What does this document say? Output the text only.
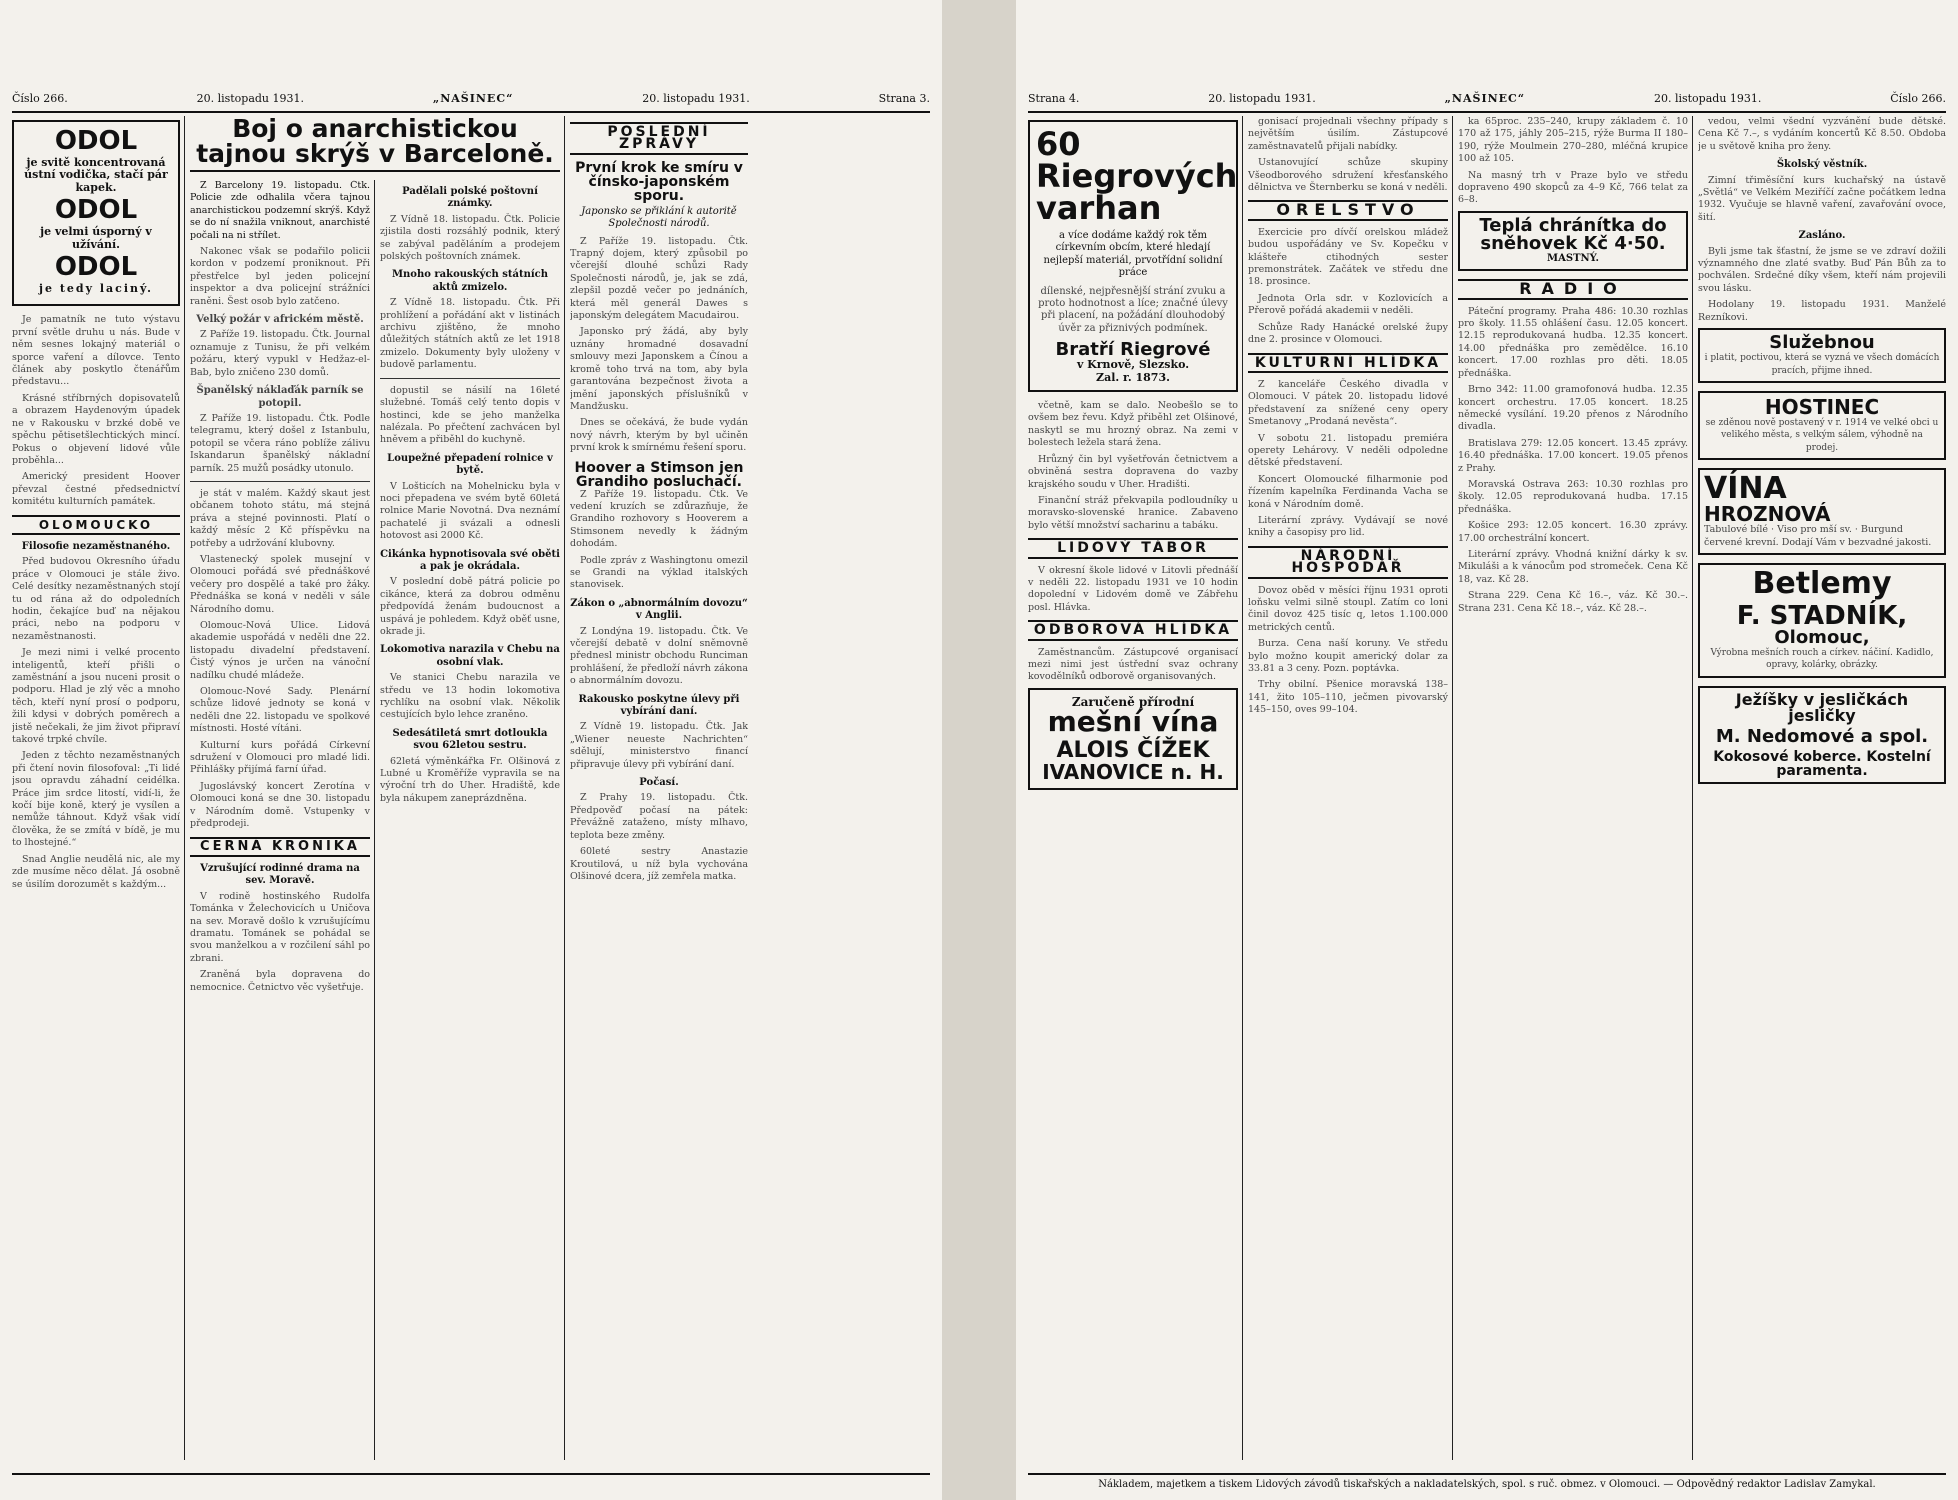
Číslo 266.	20. listopadu 1931.	„NAŠINEC“	20. listopadu 1931.	Strana 3.
ODOL
je svitě koncentrovaná ústní vodička, stačí pár kapek.
ODOL
je velmi úsporný v užívání.
ODOL
je tedy laciný.

Je pamatník ne tuto výstavu první světle druhu u nás. Bude v něm sesnes lokajný materiál o sporce vaření a dílovce. Tento článek aby poskytlo čtenářům představu...

Krásné stříbrných dopisovatelů a obrazem Haydenovým úpadek ne v Rakousku v brzké době ve spěchu pětisetšlechtických mincí. Pokus o objevení lidové vůle proběhla...

Americký president Hoover převzal čestné předsednictví komitétu kulturních památek.

OLOMOUCKO
Filosofie nezaměstnaného.

Před budovou Okresního úřadu práce v Olomouci je stále živo. Celé desítky nezaměstnaných stojí tu od rána až do odpoledních hodin, čekajíce buď na nějakou práci, nebo na podporu v nezaměstnanosti.

Je mezi nimi i velké procento inteligentů, kteří přišli o zaměstnání a jsou nuceni prosit o podporu. Hlad je zlý věc a mnoho těch, kteří nyní prosí o podporu, žili kdysi v dobrých poměrech a jistě nečekali, že jim život připraví takové trpké chvíle.

Jeden z těchto nezaměstnaných při čtení novin filosofoval: „Ti lidé jsou opravdu záhadní ceidélka. Práce jim srdce litostí, vidí-li, že kočí bije koně, který je vysílen a nemůže táhnout. Když však vidí člověka, že se zmítá v bídě, je mu to lhostejné.“

Snad Anglie neudělá nic, ale my zde musíme něco dělat. Já osobně se úsilím dorozumět s každým...

Boj o anarchistickou tajnou skrýš v Barceloně.

Z Barcelony 19. listopadu. Čtk. Policie zde odhalila včera tajnou anarchistickou podzemní skrýš. Když se do ní snažila vniknout, anarchisté počali na ni střílet.

Nakonec však se podařilo policii kordon v podzemí proniknout. Při přestřelce byl jeden policejní inspektor a dva policejní strážníci raněni. Šest osob bylo zatčeno.

Velký požár v africkém městě.

Z Paříže 19. listopadu. Čtk. Journal oznamuje z Tunisu, že při velkém požáru, který vypukl v Hedžaz-el-Bab, bylo zničeno 230 domů.

Španělský náklaďák parník se potopil.

Z Paříže 19. listopadu. Čtk. Podle telegramu, který došel z Istanbulu, potopil se včera ráno poblíže zálivu Iskandarun španělský nákladní parník. 25 mužů posádky utonulo.

je stát v malém. Každý skaut jest občanem tohoto státu, má stejná práva a stejné povinnosti. Platí o každý měsíc 2 Kč příspěvku na potřeby a udržování klubovny.

Vlastenecký spolek musejní v Olomouci pořádá své přednáškové večery pro dospělé a také pro žáky. Přednáška se koná v neděli v sále Národního domu.

Olomouc-Nová Ulice. Lidová akademie uspořádá v neděli dne 22. listopadu divadelní představení. Čistý výnos je určen na vánoční nadílku chudé mládeže.

Olomouc-Nové Sady. Plenární schůze lidové jednoty se koná v neděli dne 22. listopadu ve spolkové místnosti. Hosté vítáni.

Kulturní kurs pořádá Církevní sdružení v Olomouci pro mladé lidi. Přihlášky přijímá farní úřad.

Jugoslávský koncert Zerotína v Olomouci koná se dne 30. listopadu v Národním domě. Vstupenky v předprodeji.

ČERNÁ KRONIKA
Vzrušující rodinné drama na sev. Moravě.

V rodině hostinského Rudolfa Tománka v Želechovicích u Uničova na sev. Moravě došlo k vzrušujícímu dramatu. Tománek se pohádal se svou manželkou a v rozčilení sáhl po zbrani.

Zraněná byla dopravena do nemocnice. Četnictvo věc vyšetřuje.

Padělali polské poštovní známky.

Z Vídně 18. listopadu. Čtk. Policie zjistila dosti rozsáhlý podnik, který se zabýval paděláním a prodejem polských poštovních známek.

Mnoho rakouských státních aktů zmizelo.

Z Vídně 18. listopadu. Čtk. Při prohlížení a pořádání akt v listinách archivu zjištěno, že mnoho důležitých státních aktů ze let 1918 zmizelo. Dokumenty byly uloženy v budově parlamentu.

dopustil se násilí na 16leté služebné. Tomáš celý tento dopis v hostinci, kde se jeho manželka nalézala. Po přečtení zachvácen byl hněvem a přiběhl do kuchyně.

Loupežné přepadení rolnice v bytě.

V Lošticích na Mohelnicku byla v noci přepadena ve svém bytě 60letá rolnice Marie Novotná. Dva neznámí pachatelé ji svázali a odnesli hotovost asi 2000 Kč.

Cikánka hypnotisovala své oběti a pak je okrádala.

V poslední době pátrá policie po cikánce, která za dobrou odměnu předpovídá ženám budoucnost a uspává je pohledem. Když oběť usne, okrade ji.

Lokomotiva narazila v Chebu na osobní vlak.

Ve stanici Chebu narazila ve středu ve 13 hodin lokomotiva rychlíku na osobní vlak. Několik cestujících bylo lehce zraněno.

Sedesátiletá smrt dotloukla svou 62letou sestru.

62letá výměnkářka Fr. Olšinová z Lubné u Kroměříže vypravila se na výroční trh do Uher. Hradiště, kde byla nákupem zaneprázdněna.

POSLEDNÍ ZPRÁVY
První krok ke smíru v čínsko-japonském sporu.
Japonsko se přiklání k autoritě Společnosti národů.

Z Paříže 19. listopadu. Čtk. Trapný dojem, který způsobil po včerejší dlouhé schůzi Rady Společnosti národů, je, jak se zdá, zlepšil pozdě večer po jednáních, která měl generál Dawes s japonským delegátem Macudairou.

Japonsko prý žádá, aby byly uznány hromadné dosavadní smlouvy mezi Japonskem a Čínou a kromě toho trvá na tom, aby byla garantována bezpečnost života a jmění japonských příslušníků v Mandžusku.

Dnes se očekává, že bude vydán nový návrh, kterým by byl učiněn první krok k smírnému řešení sporu.

Hoover a Stimson jen Grandiho posluchačí.

Z Paříže 19. listopadu. Čtk. Ve vedení kruzích se zdůrazňuje, že Grandiho rozhovory s Hooverem a Stimsonem nevedly k žádným dohodám.

Podle zpráv z Washingtonu omezil se Grandi na výklad italských stanovisek.

Zákon o „abnormálním dovozu“ v Anglii.

Z Londýna 19. listopadu. Čtk. Ve včerejší debatě v dolní sněmovně přednesl ministr obchodu Runciman prohlášení, že předloží návrh zákona o abnormálním dovozu.

Rakousko poskytne úlevy při vybírání daní.

Z Vídně 19. listopadu. Čtk. Jak „Wiener neueste Nachrichten“ sdělují, ministerstvo financí připravuje úlevy při vybírání daní.

Počasí.

Z Prahy 19. listopadu. Čtk. Předpověď počasí na pátek: Převážně zataženo, místy mlhavo, teplota beze změny.

60leté sestry Anastazie Kroutilová, u níž byla vychována Olšinové dcera, jíž zemřela matka.

Strana 4.	20. listopadu 1931.	„NAŠINEC“	20. listopadu 1931.	Číslo 266.
60 Riegrových varhan
a více dodáme každý rok těm církevním obcím, které hledají nejlepší materiál, prvotřídní solidní práce
dílenské, nejpřesnější strání zvuku a proto hodnotnost a líce; značné úlevy při placení, na požádání dlouhodobý úvěr za přiznivých podmínek.
Bratří Riegrové
v Krnově, Slezsko.
Zal. r. 1873.

včetně, kam se dalo. Neobešlo se to ovšem bez řevu. Když přiběhl zet Olšinové, naskytl se mu hrozný obraz. Na zemi v bolestech ležela stará žena.

Hrůzný čin byl vyšetřován četnictvem a obviněná sestra dopravena do vazby krajského soudu v Uher. Hradišti.

Finanční stráž překvapila podloudníky u moravsko-slovenské hranice. Zabaveno bylo větší množství sacharinu a tabáku.

LIDOVÝ TÁBOR

V okresní škole lidové v Litovli přednáší v neděli 22. listopadu 1931 ve 10 hodin dopolední v Lidovém domě ve Zábřehu posl. Hlávka.

ODBOROVÁ HLÍDKA

Zaměstnancům. Zástupcové organisací mezi nimi jest ústřední svaz ochrany kovodělníků odborově organisovaných.

Zaručeně přírodní
mešní vína
ALOIS ČÍŽEK
IVANOVICE n. H.

gonisací projednali všechny případy s největším úsilím. Zástupcové zaměstnavatelů přijali nabídky.

Ustanovující schůze skupiny Všeodborového sdružení křesťanského dělnictva ve Šternberku se koná v neděli.

ORELSTVO

Exercicie pro dívčí orelskou mládež budou uspořádány ve Sv. Kopečku v klášteře ctihodných sester premonstrátek. Začátek ve středu dne 18. prosince.

Jednota Orla sdr. v Kozlovicích a Přerově pořádá akademii v neděli.

Schůze Rady Hanácké orelské župy dne 2. prosince v Olomouci.

KULTURNÍ HLÍDKA

Z kanceláře Českého divadla v Olomouci. V pátek 20. listopadu lidové představení za snížené ceny opery Smetanovy „Prodaná nevěsta“.

V sobotu 21. listopadu premiéra operety Lehárovy. V neděli odpoledne dětské představení.

Koncert Olomoucké filharmonie pod řízením kapelníka Ferdinanda Vacha se koná v Národním domě.

Literární zprávy. Vydávají se nové knihy a časopisy pro lid.

NÁRODNÍ HOSPODÁŘ

Dovoz oběd v měsíci říjnu 1931 oproti loňsku velmi silně stoupl. Zatím co loni činil dovoz 425 tisíc q, letos 1.100.000 metrických centů.

Burza. Cena naší koruny. Ve středu bylo možno koupit americký dolar za 33.81 a 3 ceny. Pozn. poptávka.

Trhy obilní. Pšenice moravská 138–141, žito 105–110, ječmen pivovarský 145–150, oves 99–104.

ka 65proc. 235–240, krupy základem č. 10 170 až 175, jáhly 205–215, rýže Burma II 180–190, rýže Moulmein 270–280, mléčná krupice 100 až 105.

Na masný trh v Praze bylo ve středu dopraveno 490 skopců za 4–9 Kč, 766 telat za 6–8.

Teplá chránítka do sněhovek Kč 4·50.
MASTNÝ.
RADIO

Páteční programy. Praha 486: 10.30 rozhlas pro školy. 11.55 ohlášení času. 12.05 koncert. 12.15 reprodukovaná hudba. 12.35 koncert. 14.00 přednáška pro zemědělce. 16.10 koncert. 17.00 rozhlas pro děti. 18.05 přednáška.

Brno 342: 11.00 gramofonová hudba. 12.35 koncert orchestru. 17.05 koncert. 18.25 německé vysílání. 19.20 přenos z Národního divadla.

Bratislava 279: 12.05 koncert. 13.45 zprávy. 16.40 přednáška. 17.00 koncert. 19.05 přenos z Prahy.

Moravská Ostrava 263: 10.30 rozhlas pro školy. 12.05 reprodukovaná hudba. 17.15 přednáška.

Košice 293: 12.05 koncert. 16.30 zprávy. 17.00 orchestrální koncert.

Literární zprávy. Vhodná knižní dárky k sv. Mikuláši a k vánocům pod stromeček. Cena Kč 18, vaz. Kč 28.

Strana 229. Cena Kč 16.–, váz. Kč 30.–. Strana 231. Cena Kč 18.–, váz. Kč 28.–.

vedou, velmi všední vyzvánění bude dětské. Cena Kč 7.–, s vydáním koncertů Kč 8.50. Obdoba je u světově kniha pro ženy.

Školský věstník.

Zimní třiměsíční kurs kuchařský na ústavě „Světlá“ ve Velkém Meziříčí začne počátkem ledna 1932. Vyučuje se hlavně vaření, zavařování ovoce, šití.

Zasláno.

Byli jsme tak šťastní, že jsme se ve zdraví dožili významného dne zlaté svatby. Buď Pán Bůh za to pochválen. Srdečné díky všem, kteří nám projevili svou lásku.

Hodolany 19. listopadu 1931. Manželé Rezníkovi.

Služebnou
i platit, poctivou, která se vyzná ve všech domácích pracích, přijme ihned.
HOSTINEC
se zděnou nově postavený v r. 1914 ve velké obci u velikého města, s velkým sálem, výhodně na prodej.
VÍNA
HROZNOVÁ
Tabulové bílé · Viso pro mší sv. · Burgund červené krevní. Dodají Vám v bezvadné jakosti.
Betlemy
F. STADNÍK,
Olomouc,
Výrobna mešních rouch a církev. náčiní. Kadidlo, opravy, kolárky, obrázky.
Ježíšky v jesličkách jesličky
M. Nedomové a spol.
Kokosové koberce. Kostelní paramenta.
Nákladem, majetkem a tiskem Lidových závodů tiskařských a nakladatelských, spol. s ruč. obmez. v Olomouci. — Odpovědný redaktor Ladislav Zamykal.
